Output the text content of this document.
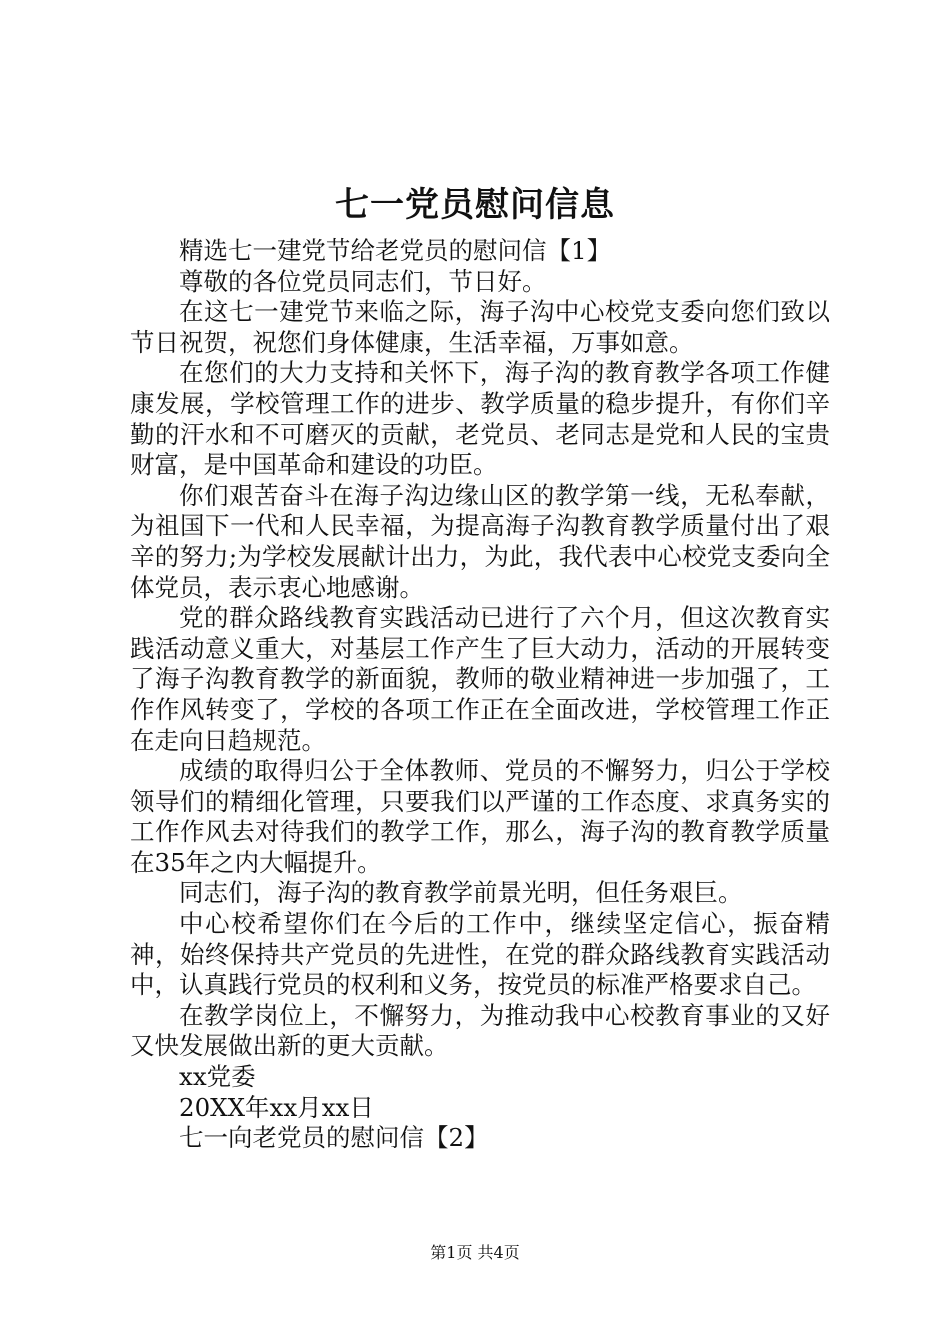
七一党员慰问信息

精选七一建党节给老党员的慰问信【1】

尊敬的各位党员同志们，节日好。

在这七一建党节来临之际，海子沟中心校党支委向您们致以节日祝贺，祝您们身体健康，生活幸福，万事如意。

在您们的大力支持和关怀下，海子沟的教育教学各项工作健康发展，学校管理工作的进步、教学质量的稳步提升，有你们辛勤的汗水和不可磨灭的贡献，老党员、老同志是党和人民的宝贵财富，是中国革命和建设的功臣。

你们艰苦奋斗在海子沟边缘山区的教学第一线，无私奉献，为祖国下一代和人民幸福，为提高海子沟教育教学质量付出了艰辛的努力;为学校发展献计出力，为此，我代表中心校党支委向全体党员，表示衷心地感谢。

党的群众路线教育实践活动已进行了六个月，但这次教育实践活动意义重大，对基层工作产生了巨大动力，活动的开展转变了海子沟教育教学的新面貌，教师的敬业精神进一步加强了，工作作风转变了，学校的各项工作正在全面改进，学校管理工作正在走向日趋规范。

成绩的取得归公于全体教师、党员的不懈努力，归公于学校领导们的精细化管理，只要我们以严谨的工作态度、求真务实的工作作风去对待我们的教学工作，那么，海子沟的教育教学质量在35年之内大幅提升。

同志们，海子沟的教育教学前景光明，但任务艰巨。

中心校希望你们在今后的工作中，继续坚定信心，振奋精神，始终保持共产党员的先进性，在党的群众路线教育实践活动中，认真践行党员的权利和义务，按党员的标准严格要求自己。

在教学岗位上，不懈努力，为推动我中心校教育事业的又好又快发展做出新的更大贡献。

xx党委

20XX年xx月xx日

七一向老党员的慰问信【2】

第1页 共4页
